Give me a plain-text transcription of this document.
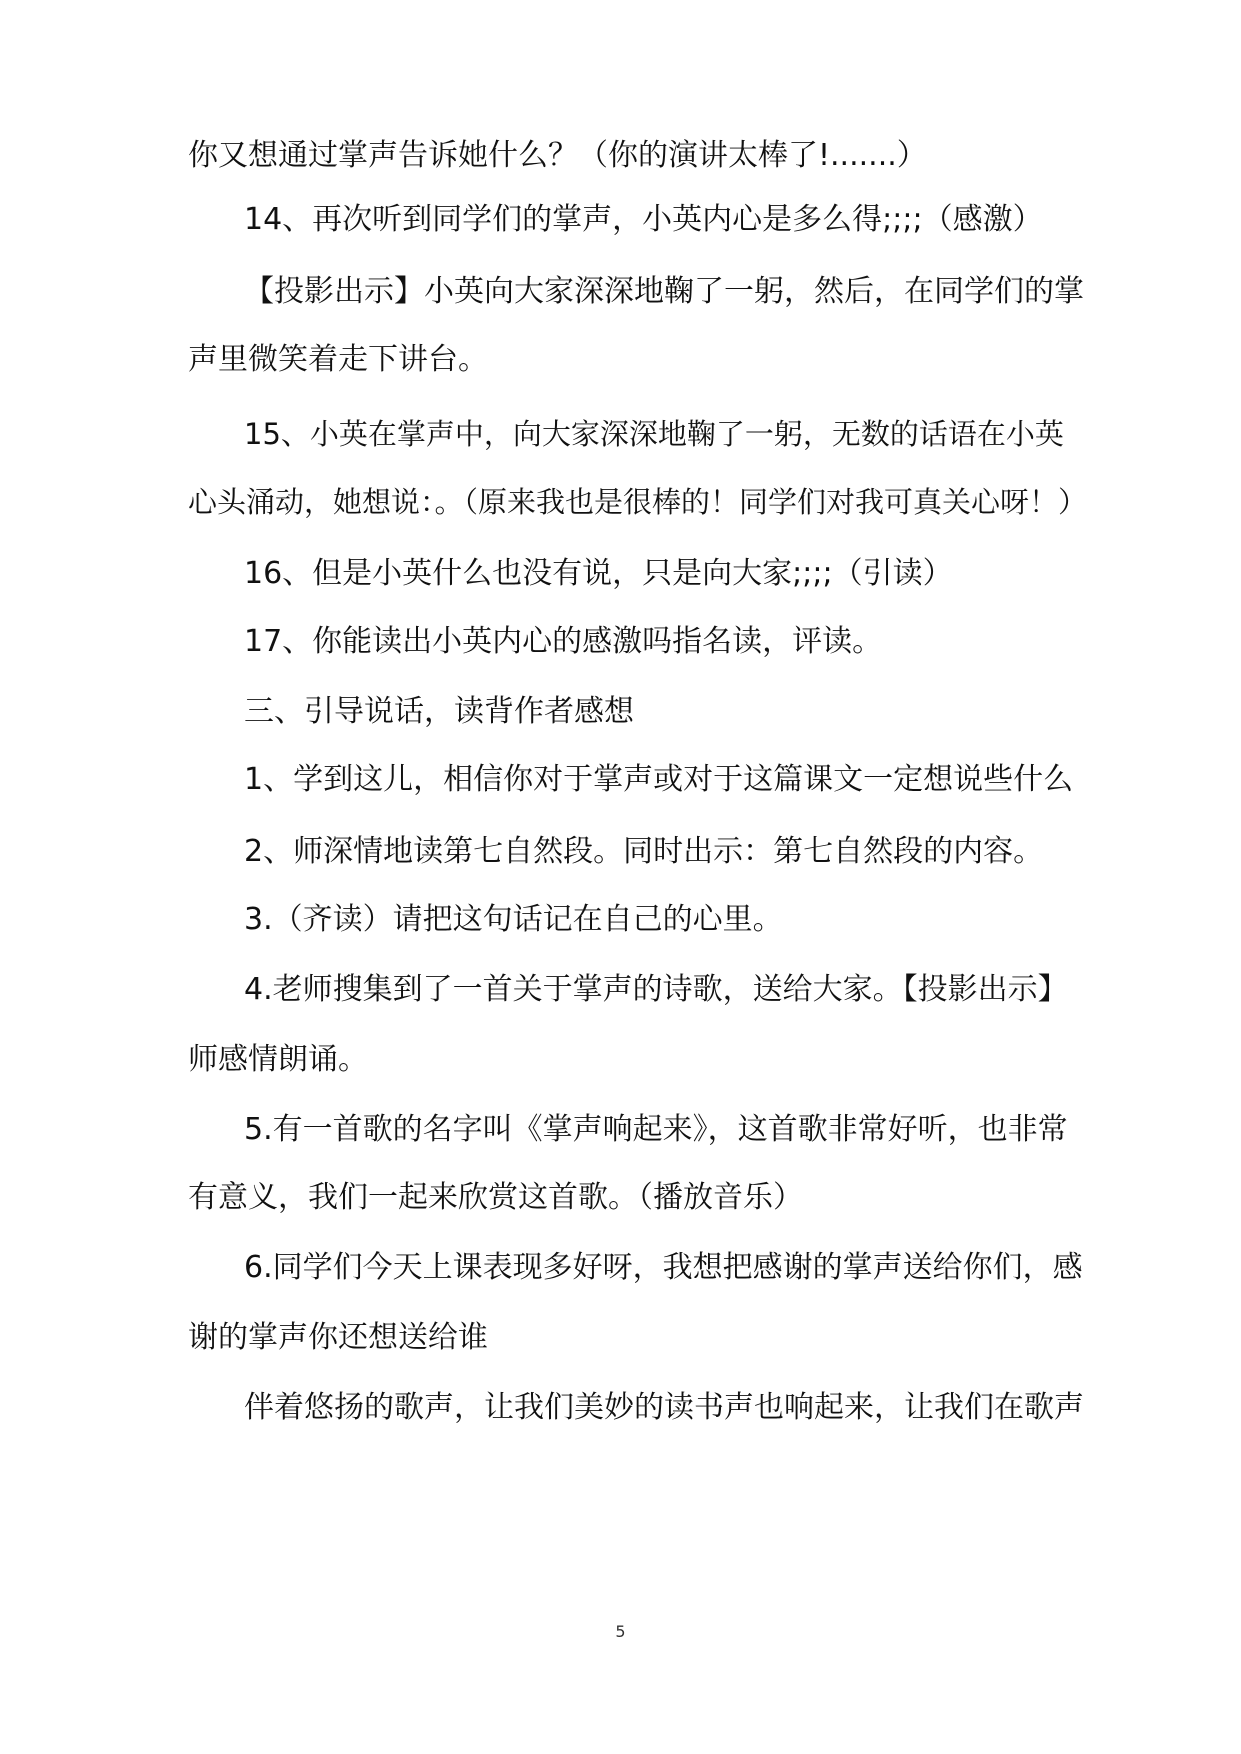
你又想通过掌声告诉她什么？（你的演讲太棒了!.......）
14、再次听到同学们的掌声，小英内心是多么得;;;;（感激）
【投影出示】小英向大家深深地鞠了一躬，然后，在同学们的掌
声里微笑着走下讲台。
15、小英在掌声中，向大家深深地鞠了一躬，无数的话语在小英
心头涌动，她想说：。（原来我也是很棒的！同学们对我可真关心呀！）
16、但是小英什么也没有说，只是向大家;;;;（引读）
17、你能读出小英内心的感激吗指名读，评读。
三、引导说话，读背作者感想
1、学到这儿，相信你对于掌声或对于这篇课文一定想说些什么
2、师深情地读第七自然段。同时出示：第七自然段的内容。
3.（齐读）请把这句话记在自己的心里。
4.老师搜集到了一首关于掌声的诗歌，送给大家。【投影出示】
师感情朗诵。
5.有一首歌的名字叫《掌声响起来》，这首歌非常好听，也非常
有意义，我们一起来欣赏这首歌。（播放音乐）
6.同学们今天上课表现多好呀，我想把感谢的掌声送给你们，感
谢的掌声你还想送给谁
伴着悠扬的歌声，让我们美妙的读书声也响起来，让我们在歌声
5
